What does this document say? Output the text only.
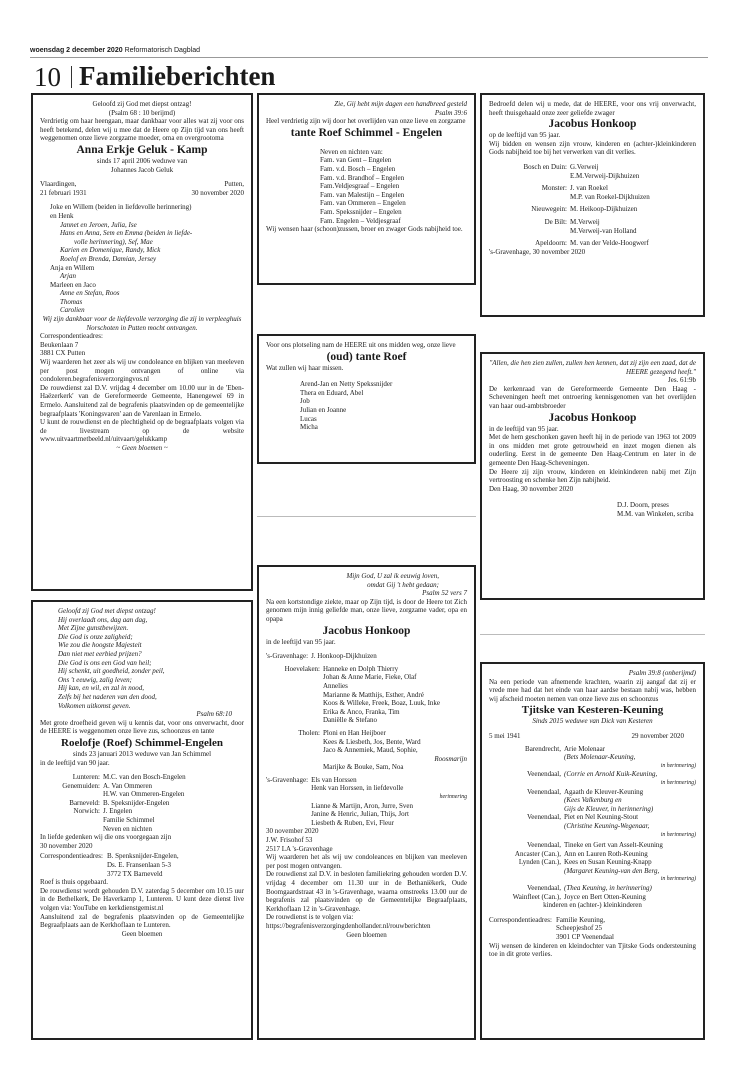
woensdag 2 december 2020 Reformatorisch Dagblad
10 Familieberichten

Geloofd zij God met diepst ontzag!

(Psalm 68 : 10 berijmd)

Verdrietig om haar heengaan, maar dankbaar voor alles wat zij voor ons heeft betekend, delen wij u mee dat de Heere op Zijn tijd van ons heeft weggenomen onze lieve zorgzame moeder, oma en overgrootoma

Anna Erkje Geluk - Kamp

sinds 17 april 2006 weduwe van

Johannes Jacob Geluk

Vlaardingen,	Putten,
21 februari 1931	30 november 2020

Joke en Willem (beiden in liefdevolle herinnering)

en Henk

Jannet en Jeroen, Julia, Ise

Hans en Anna, Sem en Emma (beiden in liefde-

volle herinnering), Sef, Mae

Karien en Domenique, Randy, Mick

Roelof en Brenda, Damian, Jersey

Anja en Willem

Arjan

Marleen en Jaco

Anne en Stefan, Roos

Thomas

Carolien

Wij zijn dankbaar voor de liefdevolle verzorging die zij in verpleeghuis Norschoten in Putten mocht ontvangen.

Correspondentieadres:

Beukenlaan 7

3881 CX Putten

Wij waarderen het zeer als wij uw condoleance en blijken van meeleven per post mogen ontvangen of online via condoleren.begrafenisverzorgingvos.nl

De rouwdienst zal D.V. vrijdag 4 december om 10.00 uur in de 'Eben-Haëzerkerk' van de Gereformeerde Gemeente, Hanengeweí 69 in Ermelo. Aansluitend zal de begrafenis plaatsvinden op de gemeentelijke begraafplaats 'Koningsvaren' aan de Varenlaan in Ermelo.

U kunt de rouwdienst en de plechtigheid op de begraafplaats volgen via de livestream op de website www.uitvaartmetbeeld.nl/uitvaart/gelukkamp

~ Geen bloemen ~

Geloofd zij God met diepst ontzag!

Hij overlaadt ons, dag aan dag,

Met Zijne gunstbewijzen.

Die God is onze zaligheid;

Wie zou die hoogste Majesteit

Dan niet met eerbied prijzen?

Die God is ons een God van heil;

Hij schenkt, uit goedheid, zonder peil,

Ons 't eeuwig, zalig leven;

Hij kan, en wil, en zal in nood,

Zelfs bij het naderen van den dood,

Volkomen uitkomst geven.

Psalm 68:10

Met grote droefheid geven wij u kennis dat, voor ons onverwacht, door de HEERE is weggenomen onze lieve zus, schoonzus en tante

Roelofje (Roef) Schimmel-Engelen

sinds 23 januari 2013 weduwe van Jan Schimmel

in de leeftijd van 90 jaar.

Lunteren: M.C. van den Bosch-Engelen

Genemuiden: A. Van Ommeren

H.W. van Ommeren-Engelen

Barneveld: B. Speksnijder-Engelen

Norwich: J. Engelen

Familie Schimmel

Neven en nichten

In liefde gedenken wij die ons voorgegaan zijn

30 november 2020

Correspondentieadres: B. Spenksnijder-Engelen,

Ds. E. Fransenlaan 5-3

3772 TX Barneveld

Roef is thuis opgebaard.

De rouwdienst wordt gehouden D.V. zaterdag 5 december om 10.15 uur in de Bethelkerk, De Haverkamp 1, Lunteren. U kunt deze dienst live volgen via: YouTube en kerkdienstgemist.nl

Aansluitend zal de begrafenis plaatsvinden op de Gemeentelijke Begraafplaats aan de Kerkhoflaan te Lunteren.

Geen bloemen

Zie, Gij hebt mijn dagen een handbreed gesteld

Psalm 39:6

Heel verdrietig zijn wij door het overlijden van onze lieve en zorgzame

tante Roef Schimmel - Engelen

Neven en nichten van:

Fam. van Gent – Engelen

Fam. v.d. Bosch – Engelen

Fam. v.d. Brandhof – Engelen

Fam.Veldjesgraaf – Engelen

Fam. van Malestijn – Engelen

Fam. van Ommeren – Engelen

Fam. Spekssnijder – Engelen

Fam. Engelen – Veldjesgraaf

Wij wensen haar (schoon)zussen, broer en zwager Gods nabijheid toe.

Voor ons plotseling nam de HEERE uit ons midden weg, onze lieve

(oud) tante Roef

Wat zullen wij haar missen.

Arend-Jan en Netty Spekssnijder

Thera en Eduard, Abel

Job

Julian en Joanne

Lucas

Micha

Mijn God, U zal ik eeuwig loven,

omdat Gij 't hebt gedaan;

Psalm 52 vers 7

Na een kortstondige ziekte, maar op Zijn tijd, is door de Heere tot Zich genomen mijn innig geliefde man, onze lieve, zorgzame vader, opa en opapa

Jacobus Honkoop

in de leeftijd van 95 jaar.

's-Gravenhage: J. Honkoop-Dijkhuizen

Hoevelaken: Hanneke en Dolph Thierry

Johan & Anne Marie, Fieke, Olaf

Annelies

Marianne & Matthijs, Esther, André

Koos & Willeke, Freek, Boaz, Luuk, Inke

Erika & Anco, Franka, Tim

Daniëlle & Stefano

Tholen: Ploni en Han Heijboer

Kees & Liesbeth, Jos, Bente, Ward

Jaco & Annemiek, Maud, Sophie,

Roosmarijn

Marijke & Bouke, Sam, Noa

's-Gravenhage: Els van Horssen

Henk van Horssen, in liefdevolle

herinnering

Lianne & Martijn, Aron, Jurre, Sven

Janine & Henric, Julian, Thijs, Jort

Liesbeth & Ruben, Evi, Fleur

30 november 2020

J.W. Frisohof 53

2517 LA 's-Gravenhage

Wij waarderen het als wij uw condoleances en blijken van meeleven per post mogen ontvangen.

De rouwdienst zal D.V. in besloten familiekring gehouden worden D.V. vrijdag 4 december om 11.30 uur in de Bethaniëkerk, Oude Boomgaardstraat 43 in 's-Gravenhage, waarna omstreeks 13.00 uur de begrafenis zal plaatsvinden op de Gemeentelijke Begraafplaats, Kerkhoflaan 12 in 's-Gravenhage.

De rouwdienst is te volgen via: https://begrafenisverzorgingdenhollander.nl/rouwberichten

Geen bloemen

Bedroefd delen wij u mede, dat de HEERE, voor ons vrij onverwacht, heeft thuisgehaald onze zeer geliefde zwager

Jacobus Honkoop

op de leeftijd van 95 jaar.

Wij bidden en wensen zijn vrouw, kinderen en (achter-)kleinkinderen Gods nabijheid toe bij het verwerken van dit verlies.

Bosch en Duin: G.Verweij

E.M.Verweij-Dijkhuizen

Monster: J. van Roekel

M.P. van Roekel-Dijkhuizen

Nieuwegein: M. Heikoop-Dijkhuizen

De Bilt: M.Verweij

M.Verweij-van Holland

Apeldoorn: M. van der Velde-Hoogwerf

's-Gravenhage, 30 november 2020

"Allen, die hen zien zullen, zullen hen kennen, dat zij zijn een zaad, dat de HEERE gezegend heeft."

Jes. 61:9b

De kerkenraad van de Gereformeerde Gemeente Den Haag - Scheveningen heeft met ontroering kennisgenomen van het overlijden van haar oud-ambtsbroeder

Jacobus Honkoop

in de leeftijd van 95 jaar.

Met de hem geschonken gaven heeft hij in de periode van 1963 tot 2009 in ons midden met grote getrouwheid en inzet mogen dienen als ouderling. Eerst in de gemeente Den Haag-Centrum en later in de gemeente Den Haag-Scheveningen.

De Heere zij zijn vrouw, kinderen en kleinkinderen nabij met Zijn vertroosting en schenke hen Zijn nabijheid.

Den Haag, 30 november 2020

D.J. Doorn, preses

M.M. van Winkelen, scriba

Psalm 39:8 (onberijmd)

Na een periode van afnemende krachten, waarin zij aangaf dat zij er vrede mee had dat het einde van haar aardse bestaan nabij was, hebben wij afscheid moeten nemen van onze lieve zus en schoonzus

Tjitske van Kesteren-Keuning

Sinds 2015 weduwe van Dick van Kesteren

5 mei 1941	29 november 2020
Barendrecht, Arie Molenaar

(Bets Molenaar-Keuning,

in herinnering)

Veenendaal, (Corrie en Arnold Kuik-Keuning,

in herinnering)

Veenendaal, Agaath de Kleuver-Keuning

(Kees Valkenburg en

Gijs de Kleuver, in herinnering)

Veenendaal, Piet en Nel Keuning-Stout

(Christine Keuning-Wegenaar,

in herinnering)

Veenendaal, Tineke en Gert van Asselt-Keuning

Ancaster (Can.), Ann en Lauren Roth-Keuning

Lynden (Can.), Kees en Susan Keuning-Knapp

(Margaret Keuning-van den Berg,

in herinnering)

Veenendaal, (Thea Keuning, in herinnering)

Wainfleet (Can.), Joyce en Bert Otten-Keuning

kinderen en (achter-) kleinkinderen

Correspondentieadres: Familie Keuning,

Scheepjeshof 25

3901 CP Veenendaal

Wij wensen de kinderen en kleindochter van Tjitske Gods ondersteuning toe in dit grote verlies.
